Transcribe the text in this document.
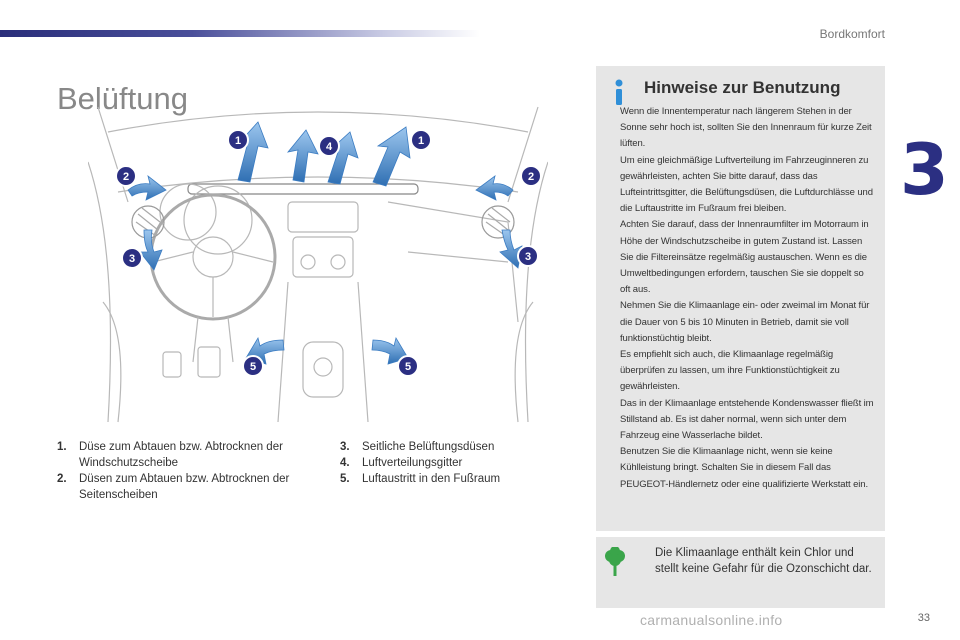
Bordkomfort
3
Belüftung
1	1
4
2	2
3	3
5	5
1.	Düse zum Abtauen bzw. Abtrocknen der Windschutzscheibe
2.	Düsen zum Abtauen bzw. Abtrocknen der Seitenscheiben
3.	Seitliche Belüftungsdüsen
4.	Luftverteilungsgitter
5.	Luftaustritt in den Fußraum
Hinweise zur Benutzung

Wenn die Innentemperatur nach längerem Stehen in der Sonne sehr hoch ist, sollten Sie den Innenraum für kurze Zeit lüften.

Um eine gleichmäßige Luftverteilung im Fahrzeuginneren zu gewährleisten, achten Sie bitte darauf, dass das Lufteintrittsgitter, die Belüftungsdüsen, die Luftdurchlässe und die Luftaustritte im Fußraum frei bleiben.

Achten Sie darauf, dass der Innenraumfilter im Motorraum in Höhe der Windschutzscheibe in gutem Zustand ist. Lassen Sie die Filtereinsätze regelmäßig austauschen. Wenn es die Umweltbedingungen erfordern, tauschen Sie sie doppelt so oft aus.

Nehmen Sie die Klimaanlage ein- oder zweimal im Monat für die Dauer von 5 bis 10 Minuten in Betrieb, damit sie voll funktionstüchtig bleibt.

Es empfiehlt sich auch, die Klimaanlage regelmäßig überprüfen zu lassen, um ihre Funktionstüchtigkeit zu gewährleisten.

Das in der Klimaanlage entstehende Kondenswasser fließt im Stillstand ab. Es ist daher normal, wenn sich unter dem Fahrzeug eine Wasserlache bildet.

Benutzen Sie die Klimaanlage nicht, wenn sie keine Kühlleistung bringt. Schalten Sie in diesem Fall das PEUGEOT-Händlernetz oder eine qualifizierte Werkstatt ein.

Die Klimaanlage enthält kein Chlor und stellt keine Gefahr für die Ozonschicht dar.
carmanualsonline.info	33
